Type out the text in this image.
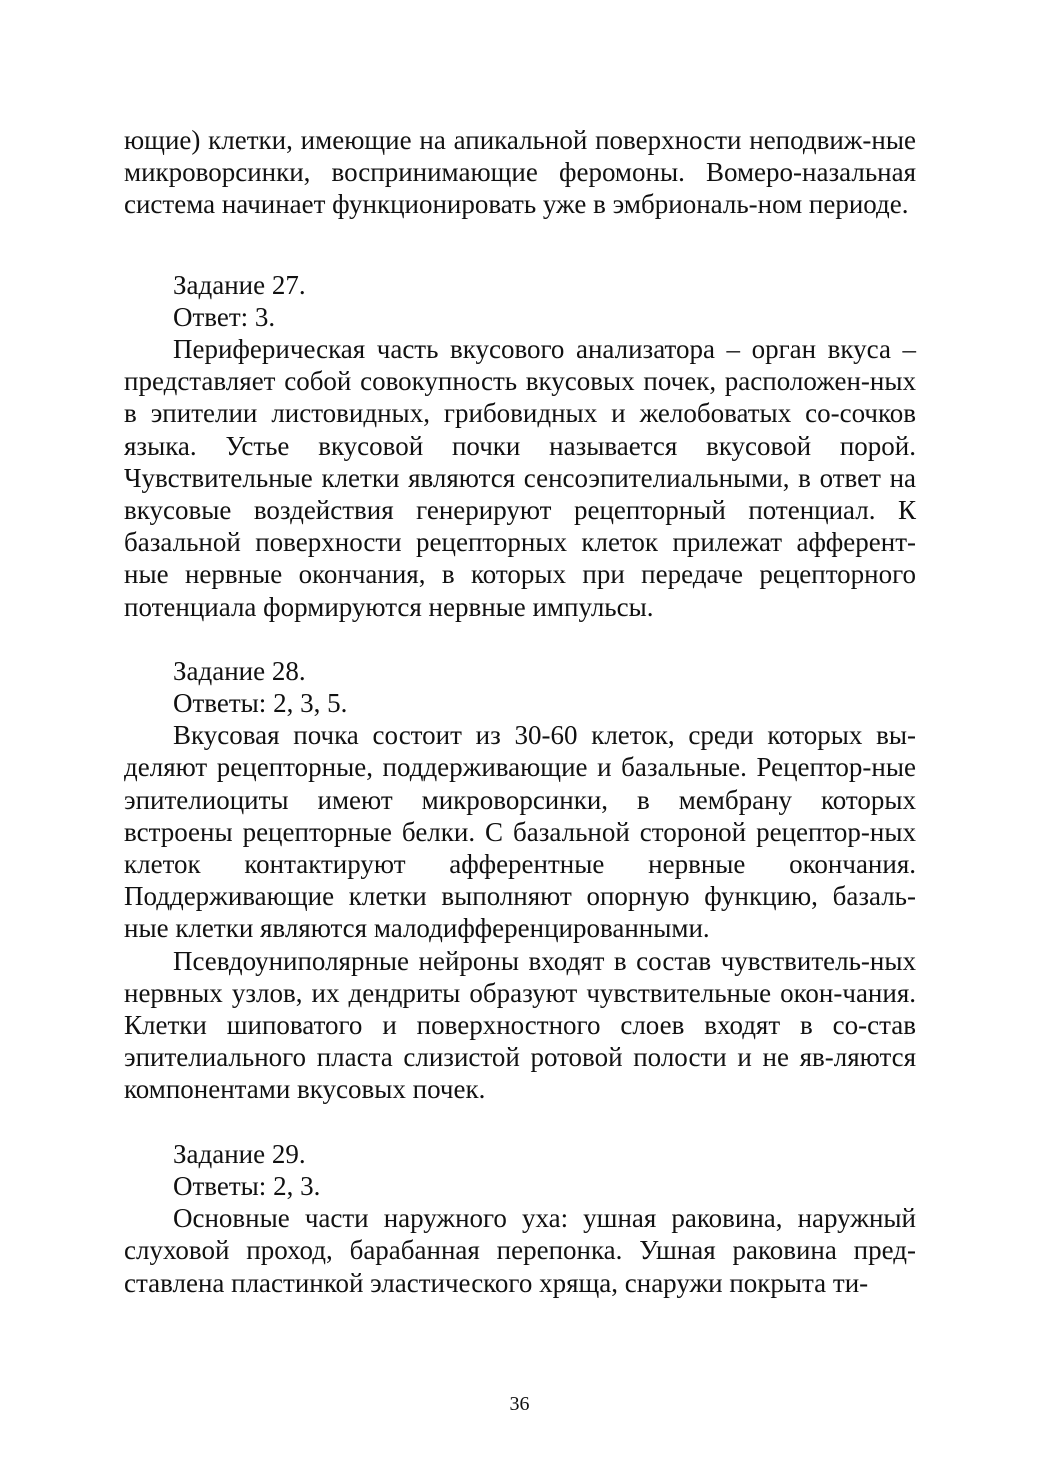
ющие) клетки, имеющие на апикальной поверхности неподвиж-ные микроворсинки, воспринимающие феромоны. Вомеро-назальная система начинает функционировать уже в эмбриональ-ном периоде.

Задание 27.

Ответ: 3.

Периферическая часть вкусового анализатора – орган вкуса – представляет собой совокупность вкусовых почек, расположен-ных в эпителии листовидных, грибовидных и желобоватых со-сочков языка. Устье вкусовой почки называется вкусовой порой. Чувствительные клетки являются сенсоэпителиальными, в ответ на вкусовые воздействия генерируют рецепторный потенциал. К базальной поверхности рецепторных клеток прилежат афферент-ные нервные окончания, в которых при передаче рецепторного потенциала формируются нервные импульсы.

Задание 28.

Ответы: 2, 3, 5.

Вкусовая почка состоит из 30-60 клеток, среди которых вы-деляют рецепторные, поддерживающие и базальные. Рецептор-ные эпителиоциты имеют микроворсинки, в мембрану которых встроены рецепторные белки. С базальной стороной рецептор-ных клеток контактируют афферентные нервные окончания. Поддерживающие клетки выполняют опорную функцию, базаль-ные клетки являются малодифференцированными.

Псевдоуниполярные нейроны входят в состав чувствитель-ных нервных узлов, их дендриты образуют чувствительные окон-чания. Клетки шиповатого и поверхностного слоев входят в со-став эпителиального пласта слизистой ротовой полости и не яв-ляются компонентами вкусовых почек.

Задание 29.

Ответы: 2, 3.

Основные части наружного уха: ушная раковина, наружный слуховой проход, барабанная перепонка. Ушная раковина пред-ставлена пластинкой эластического хряща, снаружи покрыта ти-

36
